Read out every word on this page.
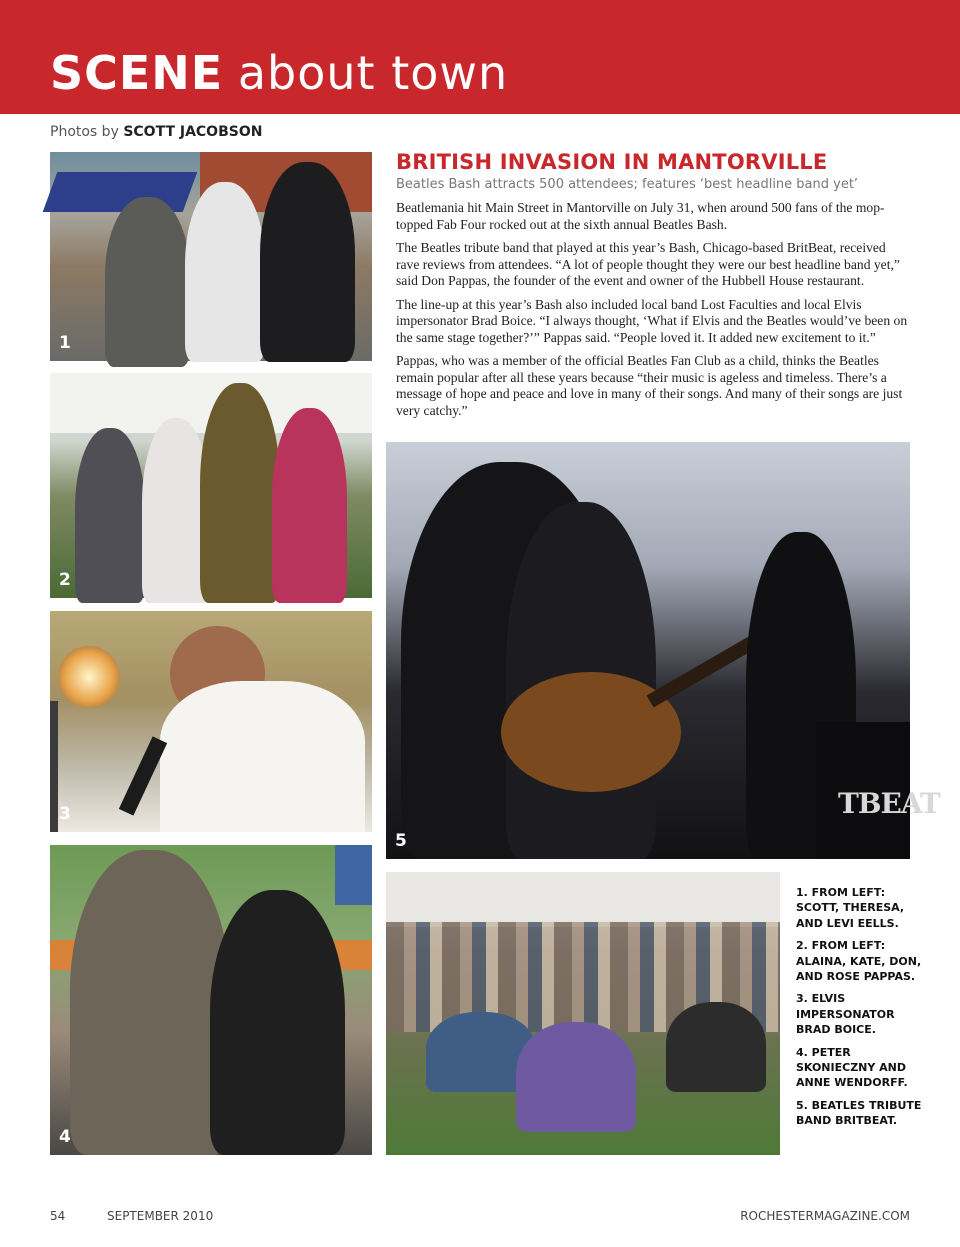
SCENE about town
Photos by SCOTT JACOBSON
1
2
3
4
TBEAT
5
BRITISH INVASION IN MANTORVILLE
Beatles Bash attracts 500 attendees; features ‘best headline band yet’

Beatlemania hit Main Street in Mantorville on July 31, when around 500 fans of the mop-topped Fab Four rocked out at the sixth annual Beatles Bash.

The Beatles tribute band that played at this year’s Bash, Chicago-based BritBeat, received rave reviews from attendees. “A lot of people thought they were our best headline band yet,” said Don Pappas, the founder of the event and owner of the Hubbell House restaurant.

The line-up at this year’s Bash also included local band Lost Faculties and local Elvis impersonator Brad Boice. “I always thought, ‘What if Elvis and the Beatles would’ve been on the same stage together?’” Pappas said. “People loved it. It added new excitement to it.”

Pappas, who was a member of the official Beatles Fan Club as a child, thinks the Beatles remain popular after all these years because “their music is ageless and timeless. There’s a message of hope and peace and love in many of their songs. And many of their songs are just very catchy.”

1. FROM LEFT: SCOTT, THERESA, AND LEVI EELLS.

2. FROM LEFT: ALAINA, KATE, DON, AND ROSE PAPPAS.

3. ELVIS IMPERSONATOR BRAD BOICE.

4. PETER SKONIECZNY AND ANNE WENDORFF.

5. BEATLES TRIBUTE BAND BRITBEAT.

54	SEPTEMBER 2010	ROCHESTERMAGAZINE.COM
